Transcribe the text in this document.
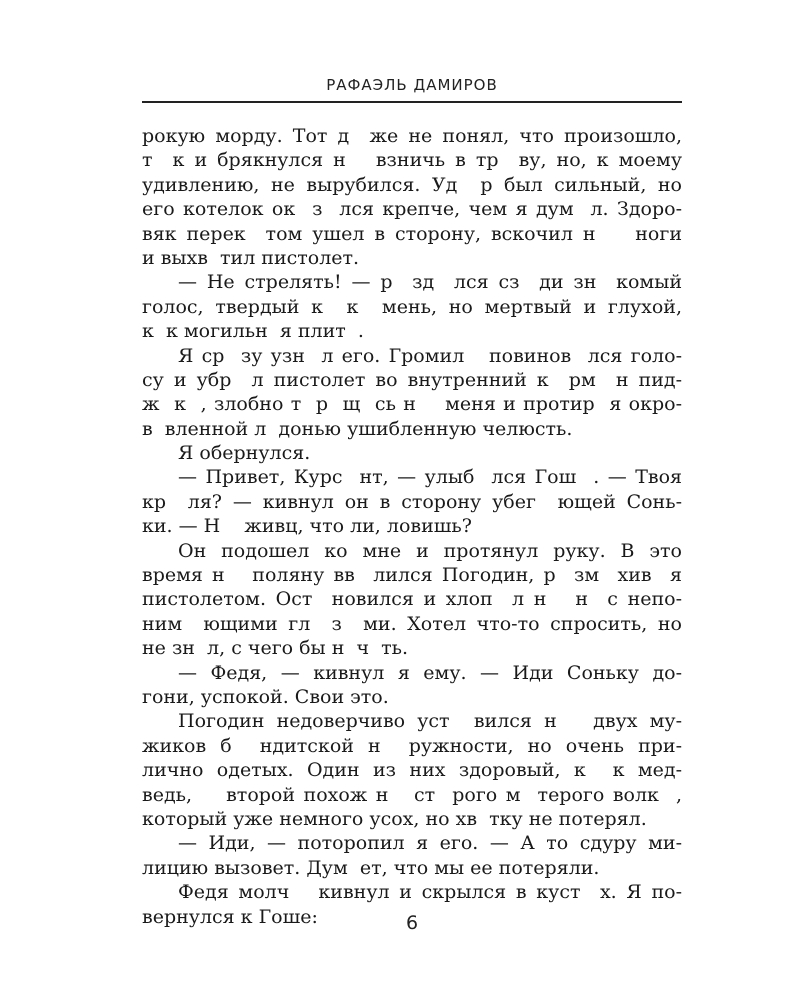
РАФАЭЛЬ ДАМИРОВ
рокую морду. Тот д  же не понял, что произошло,
т  к и брякнулся н   взничь в тр  ву, но, к моему
удивлению, не вырубился. Уд  р был сильный, но
его котелок ок  з  лся крепче, чем я дум  л. Здоро-
вяк перек  том ушел в сторону, вскочил н    ноги
и выхв  тил пистолет.
— Не стрелять! — р  зд  лся сз  ди зн  комый
голос, твердый к  к  мень, но мертвый и глухой,
к  к могильн  я плит  .
Я ср  зу узн  л его. Громил   повинов  лся голо-
су и убр  л пистолет во внутренний к  рм  н пид-
ж  к  , злобно т  р  щ  сь н    меня и протир  я окро-
в  вленной л  донью ушибленную челюсть.
Я обернулся.
— Привет, Курс  нт, — улыб  лся Гош  . — Твоя
кр  ля? — кивнул он в сторону убег  ющей Сонь-
ки. — Н    живц, что ли, ловишь?
Он подошел ко мне и протянул руку. В это
время н   поляну вв  лился Погодин, р  зм  хив  я
пистолетом. Ост  новился и хлоп  л н   н  с непо-
ним  ющими гл  з  ми. Хотел что-то спросить, но
не зн  л, с чего бы н  ч  ть.
— Федя, — кивнул я ему. — Иди Соньку до-
гони, успокой. Свои это.
Погодин недоверчиво уст  вился н   двух му-
жиков б  ндитской н  ружности, но очень при-
лично одетых. Один из них здоровый, к  к мед-
ведь,    второй похож н   ст  рого м  терого волк  ,
который уже немного усох, но хв  тку не потерял.
— Иди, — поторопил я его. — А то сдуру ми-
лицию вызовет. Дум  ет, что мы ее потеряли.
Федя молч   кивнул и скрылся в куст  х. Я по-
вернулся к Гоше:	6
